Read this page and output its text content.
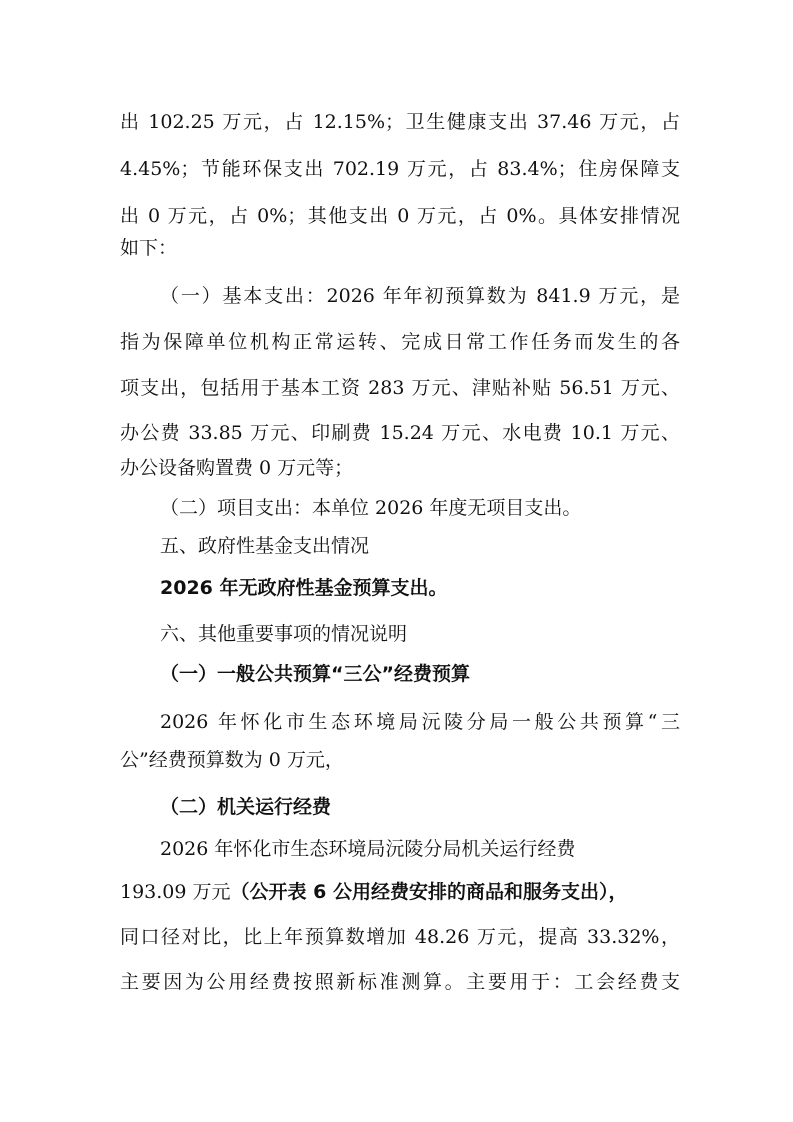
出 102.25 万元，占 12.15%；卫生健康支出 37.46 万元，占
4.45%；节能环保支出 702.19 万元，占 83.4%；住房保障支
出 0 万元，占 0%；其他支出 0 万元，占 0%。具体安排情况
如下：
（一）基本支出：2026 年年初预算数为 841.9 万元，是
指为保障单位机构正常运转、完成日常工作任务而发生的各
项支出，包括用于基本工资 283 万元、津贴补贴 56.51 万元、
办公费 33.85 万元、印刷费 15.24 万元、水电费 10.1 万元、
办公设备购置费 0 万元等；
（二）项目支出：本单位 2026 年度无项目支出。
五、政府性基金支出情况
2026 年无政府性基金预算支出。
六、其他重要事项的情况说明
（一）一般公共预算“三公”经费预算
2026 年怀化市生态环境局沅陵分局一般公共预算“三
公”经费预算数为 0 万元，
（二）机关运行经费
2026 年怀化市生态环境局沅陵分局机关运行经费
193.09 万元（公开表 6 公用经费安排的商品和服务支出），
同口径对比，比上年预算数增加 48.26 万元，提高 33.32%，
主要因为公用经费按照新标准测算。主要用于：工会经费支
